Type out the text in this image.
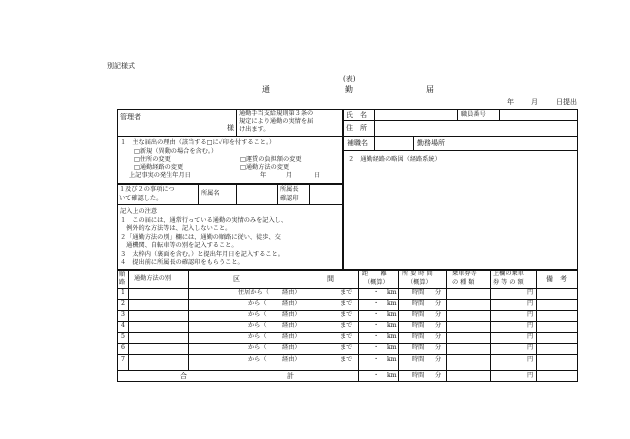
別記様式
(表)
通	勤	届
年 月	日提出
管理者
様
通勤手当支給規則第３条の
規定により通勤の実情を届
け出ます。
氏　名	職員番号
住　所
１　主な届出の理由（該当する□に✓印を付すること。）
□新規（異動の場合を含む。）
□住所の変更	□運賃の負担額の変更
□通勤経路の変更	□通勤方法の変更
上記事実の発生年月日	年	月	日
補職名	勤務場所
２　通勤経路の略図（経路系統）
１及び２の事項につ
いて確認した。
所属名
所属長
確認印
記入上の注意
１　この届には、通常行っている通勤の実情のみを記入し、
　例外的な方法等は、記入しないこと。
２「通勤方法の別」欄には、通勤の順路に従い、徒歩、交
　通機関、自転車等の別を記入すること。
３　太枠内（裏面を含む。）と提出年月日を記入すること。
４　提出前に所属長の確認印をもらうこと。
順
路
通勤方法の別	区	間
距　　離
（概算）
所 要 時 間
（概算）
乗車券等
の 種 類
上欄の乗車
券 等 の 額	備　考
1	住居から（ 経由）	まで	・ km 時間 分	円
2	から（ 経由）	まで	・ km 時間 分	円
3	から（ 経由）	まで	・ km 時間 分	円
4	から（ 経由）	まで	・ km 時間 分	円
5	から（ 経由）	まで	・ km 時間 分	円
6	から（ 経由）	まで	・ km 時間 分	円
7	から（ 経由）	まで	・ km 時間 分	円
合	計	・ km 時間 分	円
